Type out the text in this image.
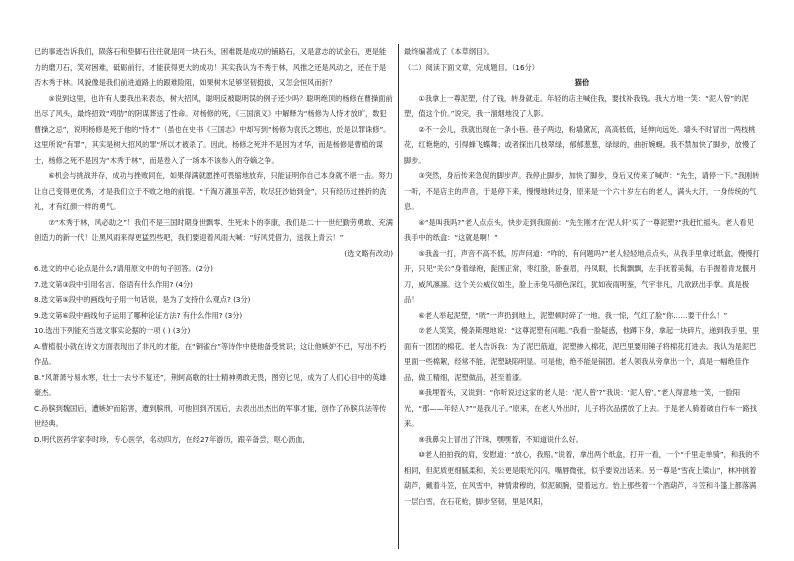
已的事迹告诉我们，陨落石和垫脚石往往就是同一块石头，困难既是成功的铺路石，又是意志的试金石，更是能力的磨刀石，笑对困难，砥砺前行，才能获得更大的成功！其实我认为不秀于林，风推之还是风动之，还在于是否木秀于林。风貌像是我们前进道路上的跟难险阻，如果树木足够坚韧挺拔，又怎会恒风而折？

⑤说到这里，也许有人要我出来表态，树大招风，聪明反被聪明误的例子还少吗？聪明绝顶的杨修在曹操面前出尽了风头，最终招致“鸡肋”的阴谋葬送了性命。对杨修的死，《三国演义》中解释为“杨修为人恃才放旷，数犯曹操之忌”，说明杨修是死于他的“恃才”（虽也在史书《三国志》中却写到“杨修为袁氏之甥也，於是以罪诛修”。这里所说“有罪”，其实是树大招风的罪“所以才被杀了。因此，杨修之死并不是因为才华，而是杨修是曹植的谋士，杨修之死不是因为“木秀于林”，而是卷入了一场本不该参入的夺嫡之争。

⑥机会与挑战并存，成功与挫败同在，如果得满就愿挫可畏缩地放弃，只能证明你自己本身就不堪一击。努力让自己变得更优秀，才是我们立于不败之地的前提。“千淘万漉虽辛苦，吹尽狂沙始到金”，只有经历过挫折的洗礼，才有红颜一样的勇气。

⑦“木秀于林，风必助之”！我们不是三国时期身世飘零、生死未卜的李康，我们是二十一世纪勤劳勇敢、充满创造力的新一代！让黑风雨来得更猛烈些吧，我们要迎着风雨大喊：“好风凭借力，送我上青云！”

(选文略有改动)

6.选文的中心论点是什么?请用原文中的句子回答。(2分)

7.选文第③段中引用名言、俗语有什么作用? (4分)

8.选文第⑤段中的画线句子用一句话说，是为了支持什么观点? (3分)

9.选文第⑥段中画线句子运用了哪种论证方法? 有什么作用? (3分)

10.选出下列能充当选文事实论据的一项 ( ) (3分)

A.曹植很小就在诗文方面表现出了非凡的才能，在“铜雀台”等诗作中使他备受赏识；这让他嫉妒不已，写出不朽作品。

B.“风萧萧兮易水寒，壮士一去兮不复还”，荆轲高歌的壮士精神勇敢无畏，图穷匕见，成为了人们心目中的英雄豪杰。

C.孙膑到魏国后，遭嫉妒而陷害，遭到膑刑，可他回到齐国后，去表出出杰出的军事才能，创作了孙膑兵法等传世经典。

D.明代医药学家李时珍，专心医学，名动四方，在经27年游历，跟辛备尝，呕心沥血，

最终编著成了《本草纲目》。

（二）阅读下面文章，完成题目。（16分）

猫佮

①我拿上一尊泥塑，付了钱，转身就走。年轻的店主喊住我，要找补我钱。我大方地一笑：“泥人曾”的泥塑，值这个价。”说完，我一溜烟地没了人影。

②不一会儿，我就出现在一条小巷。巷子两边，粉墙黛瓦，高高低低，延伸向远处。墙头不时冒出一两枝桃花，红艳艳的，引得蜂飞蝶舞；或者探出几枝翠绿，郁郁葱葱，绿绿的，曲折婉蜒。我不禁加快了脚步，放慢了脚步。

③突然，身后传来急促的脚步声。我停止脚步，加快了脚步，身后又传来了喊声：“先生，请停一下。”我刚转一听，不是店主的声音，于是停下来，慢慢地转过身，原来是一个六十岁左右的老人，满头大汗，一身传统的气息。

④“是叫我吗?”老人点点头，快步走到我面前：“先生刚才在‘泥人轩’买了一尊泥塑?”我赶忙摇头。老人看见我手中的纸盒：“这就是啊！”

⑤我盖一打，声音不高不低，厉声问道：“咋的，有问题吗?”老人轻轻地点点头，从我手里拿过纸盒，慢慢打开，只见“关公”身着绿袍，髭围正常，枣红脸，卧蚕眉，丹凤眼，长髯飘飘，左手抚着美髯，右手握着青龙偃月刀，威风凛凛。这个关公威仪如生，脸上赤兔马颜色深红，犹如夜雨明鉴，气宇非凡，几欲跃出手掌。真是极品！

⑥老人举起泥塑，“咣”一声扔到地上，泥塑顿时碎了一地。我一惊，气红了脸“你……要干什么！”

⑦老人笑笑，慢条斯理地说：“这尊泥塑有问题。”我看一脸疑惑，他蹲下身，拿起一块碎片，递到我手里，里面有一团团的棉花。老人告诉我：为了泥巴筋道，泥塑掺入棉花，泥巴里要用锤子将棉花打进去。我认为是泥巴里面一些棉絮，经常不能，泥塑缺陷明显。可是他，绝不能是锅团。老人领我从旁拿出一个，真是一幅绝佳作品，做工精细，泥塑做品，甚至着漆。

⑧我埋着头，又说到：“你听说过这家的老人是：‘泥人曾’?”我说：‘泥人曾’。”老人得意地一笑，一脸阳光，“那——年轻人?”“是我儿子。”原来，在老人外出时，儿子将次品摆放了上去。于是老人骑着破自行车一路找来。

⑨我鼻尖上冒出了汗珠，嘿嘿着，不知道说什么好。

⑩老人拍拍我的肩，安慰道：“放心，我赔。”说着，拿出两个纸盒，打开一看，一个“千里走单骑”，和我的不相同，但泥质更细腻柔和，关公更是眼光闪闪，嘴唇微张，似乎要说出话来。另一尊是“雪夜上梁山”，林冲挑着葫芦，戴着斗笠，在风雪中，神情肃穆的，似泥硕腕，望着远方。怡上那些着一个酒葫芦，斗笠和斗篷上都落满一层白雪，在石花枪，脚步坚韧，里是风阳，
